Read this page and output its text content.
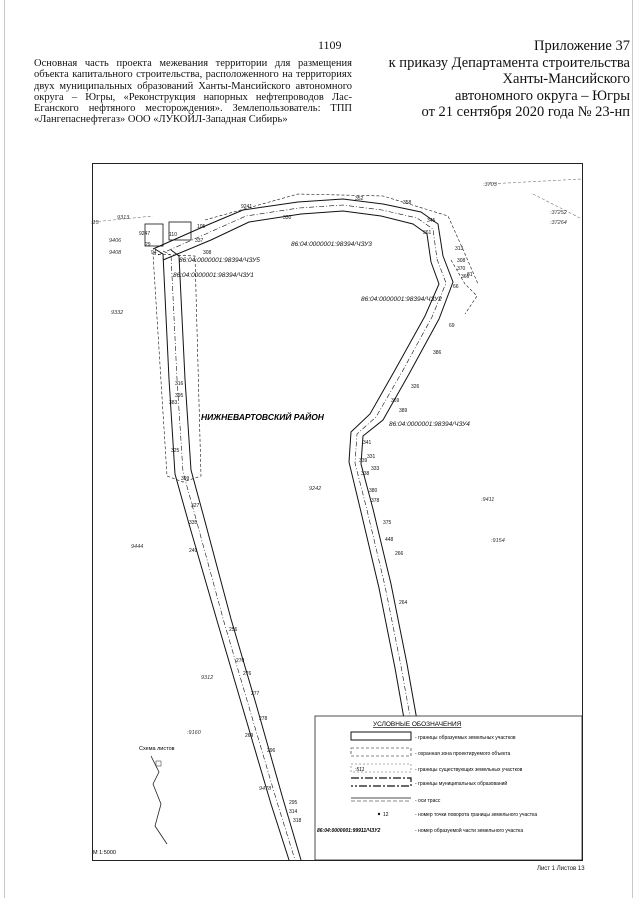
1109	Приложение 37
к приказу Департамента строительства
Ханты-Мансийского
автономного округа – Югры
от 21 сентября 2020 года № 23-нп
Основная часть проекта межевания территории для размещения объекта капитального строительства, расположенного на территориях двух муниципальных образований Ханты-Мансийского автономного округа – Югры, «Реконструкция напорных нефтепроводов Лас-Еганского нефтяного месторождения». Землепользователь: ТПП «Лангепаснефтегаз» ООО «ЛУКОЙЛ-Западная Сибирь»
НИЖНЕВАРТОВСКИЙ РАЙОН
86:04:0000001:98394/ЧЗУ3
86:04:0000001:98394/ЧЗУ5
86:04:0000001:98394/ЧЗУ1
86:04:0000001:98394/ЧЗУ2
86:04:0000001:98394/ЧЗУ4
:3703
:37252
:37264
9313
9408
9406
9332
9242
:9411
:9154
9444
9312
:9160
9478
:15
9241
330
352
358
345
361
313
308
370
366
81
66
69
386
326
369
389
341
331
333
339
338
380
378
375
448
266
264
249
256
276
270
277
278
269
296
295
314
318
316
395
399
383
325
327
335
308
337
9247
94
29
110
105
Схема листов
М 1:5000
УСЛОВНЫЕ ОБОЗНАЧЕНИЯ
- границы образуемых земельных участков
- охранная зона проектируемого объекта
:511	- границы существующих земельных участков
- границы муниципальных образований
- оси трасс
12	- номер точки поворота границы земельного участка
86:04:0000001:99911/ЧЗУ2	- номер образуемой части земельного участка
Лист 1 Листов 13
